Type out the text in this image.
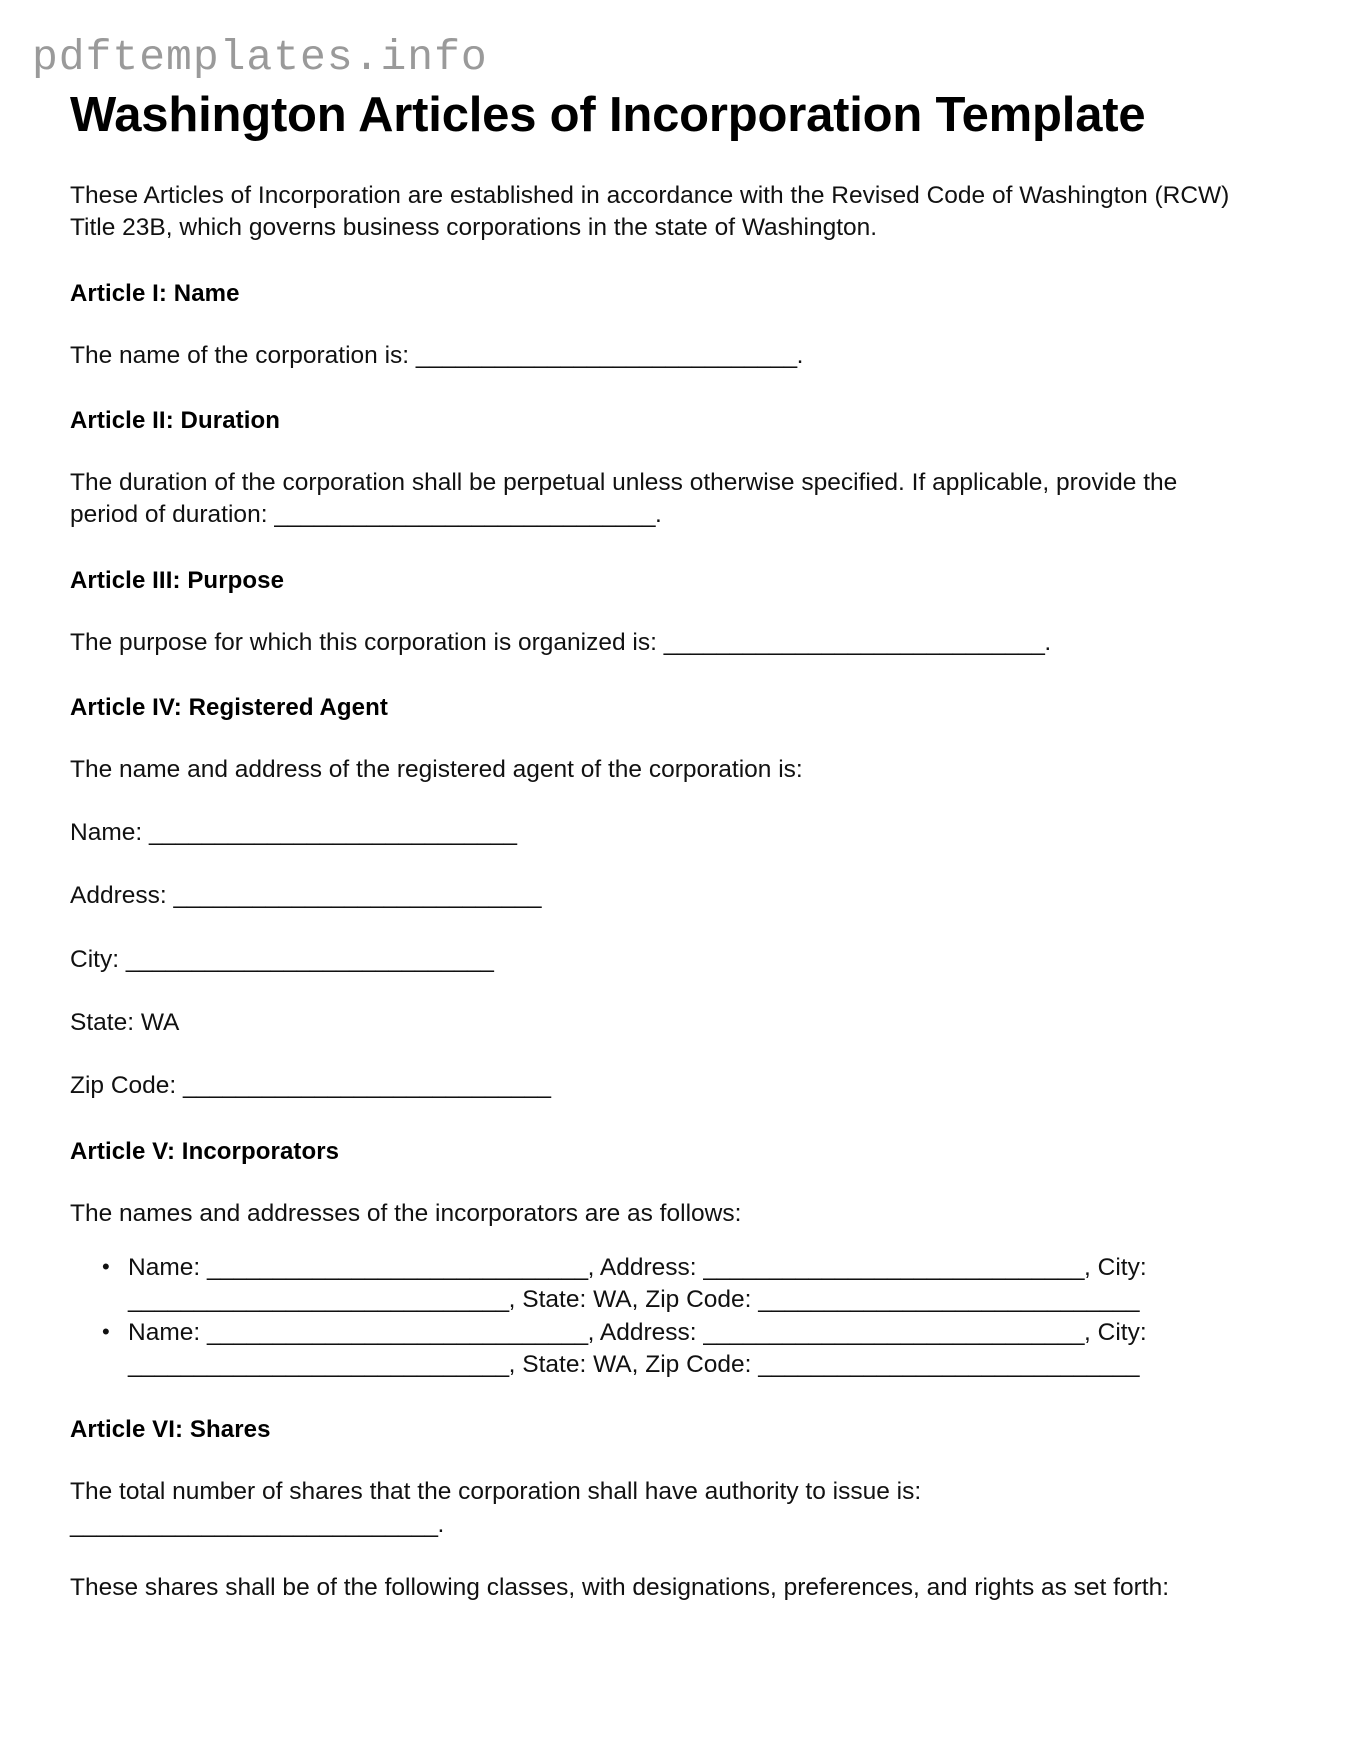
pdftemplates.info
Washington Articles of Incorporation Template

These Articles of Incorporation are established in accordance with the Revised Code of Washington (RCW) Title 23B, which governs business corporations in the state of Washington.

Article I: Name

The name of the corporation is: _____________________________.

Article II: Duration

The duration of the corporation shall be perpetual unless otherwise specified. If applicable, provide the period of duration: _____________________________.

Article III: Purpose

The purpose for which this corporation is organized is: _____________________________.

Article IV: Registered Agent

The name and address of the registered agent of the corporation is:

Name: ____________________________

Address: ____________________________

City: ____________________________

State: WA

Zip Code: ____________________________

Article V: Incorporators

The names and addresses of the incorporators are as follows:

• Name: _____________________________, Address: _____________________________, City: _____________________________, State: WA, Zip Code: _____________________________
• Name: _____________________________, Address: _____________________________, City: _____________________________, State: WA, Zip Code: _____________________________
Article VI: Shares

The total number of shares that the corporation shall have authority to issue is: ____________________________.

These shares shall be of the following classes, with designations, preferences, and rights as set forth:
